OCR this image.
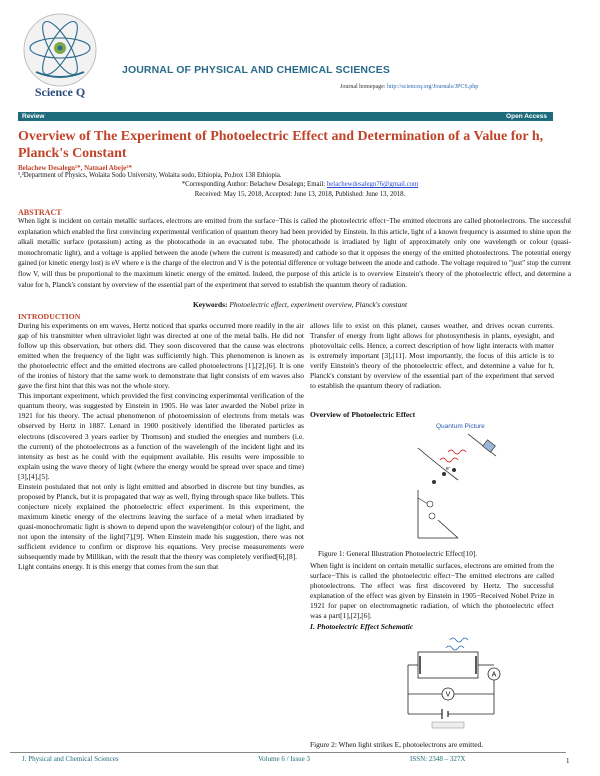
Science Q
JOURNAL OF PHYSICAL AND CHEMICAL SCIENCES
Journal homepage: http://scienceq.org/Journals/JPCS.php
Review	Open Access
Overview of The Experiment of Photoelectric Effect and Determination of a Value for h, Planck's Constant
Belachew Desalegn¹*, Natnael Abeje²*
¹,²Department of Physics, Wolaita Sodo University, Wolaita sodo, Ethiopia, Po,box 138 Ethiopia.
*Corresponding Author: Belachew Desalegn; Email: belachewdesalegn76@gmail.com
Received: May 15, 2018, Accepted: June 13, 2018, Published: June 13, 2018.
ABSTRACT
When light is incident on certain metallic surfaces, electrons are emitted from the surface−This is called the photoelectric effect−The emitted electrons are called photoelectrons. The successful explanation which enabled the first convincing experimental verification of quantum theory had been provided by Einstein. In this article, light of a known frequency is assumed to shine upon the alkali metallic surface (potassium) acting as the photocathode in an evacuated tube. The photocathode is irradiated by light of approximately only one wavelength or colour (quasi-monochromatic light), and a voltage is applied between the anode (where the current is measured) and cathode so that it opposes the energy of the emitted photoelectrons. The potential energy gained (or kinetic energy lost) is eV where e is the charge of the electron and V is the potential difference or voltage between the anode and cathode. The voltage required to "just" stop the current flow V, will thus be proportional to the maximum kinetic energy of the emitted. Indeed, the purpose of this article is to overview Einstein's theory of the photoelectric effect, and determine a value for h, Planck's constant by overview of the essential part of the experiment that served to establish the quantum theory of radiation.
Keywords: Photoelectric effect, experiment overview, Planck's constant
INTRODUCTION

During his experiments on em waves, Hertz noticed that sparks occurred more readily in the air gap of his transmitter when ultraviolet light was directed at one of the metal balls. He did not follow up this observation, but others did. They soon discovered that the cause was electrons emitted when the frequency of the light was sufficiently high. This phenomenon is known as the photoelectric effect and the emitted electrons are called photoelectrons [1],[2],[6]. It is one of the ironies of history that the same work to demonstrate that light consists of em waves also gave the first hint that this was not the whole story.

This important experiment, which provided the first convincing experimental verification of the quantum theory, was suggested by Einstein in 1905. He was later awarded the Nobel prize in 1921 for his theory. The actual phenomenon of photoemission of electrons from metals was observed by Hertz in 1887. Lenard in 1900 positively identified the liberated particles as electrons (discovered 3 years earlier by Thomson) and studied the energies and numbers (i.e. the current) of the photoelectrons as a function of the wavelength of the incident light and its intensity as best as he could with the equipment available. His results were impossible to explain using the wave theory of light (where the energy would be spread over space and time)[3],[4],[5].

Einstein postulated that not only is light emitted and absorbed in discrete but tiny bundles, as proposed by Planck, but it is propagated that way as well, flying through space like bullets. This conjecture nicely explained the photoelectric effect experiment. In this experiment, the maximum kinetic energy of the electrons leaving the surface of a metal when irradiated by quasi-monochromatic light is shown to depend upon the wavelength(or colour) of the light, and not upon the intensity of the light[7],[9]. When Einstein made his suggestion, there was not sufficient evidence to confirm or disprove his equations. Very precise measurements were subsequently made by Millikan, with the result that the theory was completely verified[6],[8].

Light contains energy. It is this energy that comes from the sun that

allows life to exist on this planet, causes weather, and drives ocean currents. Transfer of energy from light allows for photosynthesis in plants, eyesight, and photovoltaic cells. Hence, a correct description of how light interacts with matter is extremely important [3],[11]. Most importantly, the focus of this article is to verify Einstein's theory of the photoelectric effect, and determine a value for h, Planck's constant by overview of the essential part of the experiment that served to establish the quantum theory of radiation.
Overview of Photoelectric Effect
Quantum Picture
e⁻
Figure 1: General Illustration Photoelectric Effect[10].
When light is incident on certain metallic surfaces, electrons are emitted from the surface−This is called the photoelectric effect−The emitted electrons are called photoelectrons. The effect was first discovered by Hertz. The successful explanation of the effect was given by Einstein in 1905−Received Nobel Prize in 1921 for paper on electromagnetic radiation, of which the photoelectric effect was a part[1],[2],[6].
I. Photoelectric Effect Schematic
A
V
Figure 2: When light strikes E, photoelectrons are emitted.
J. Physical and Chemical Sciences	Volume 6 / Issue 3	ISSN: 2348 – 327X	1
